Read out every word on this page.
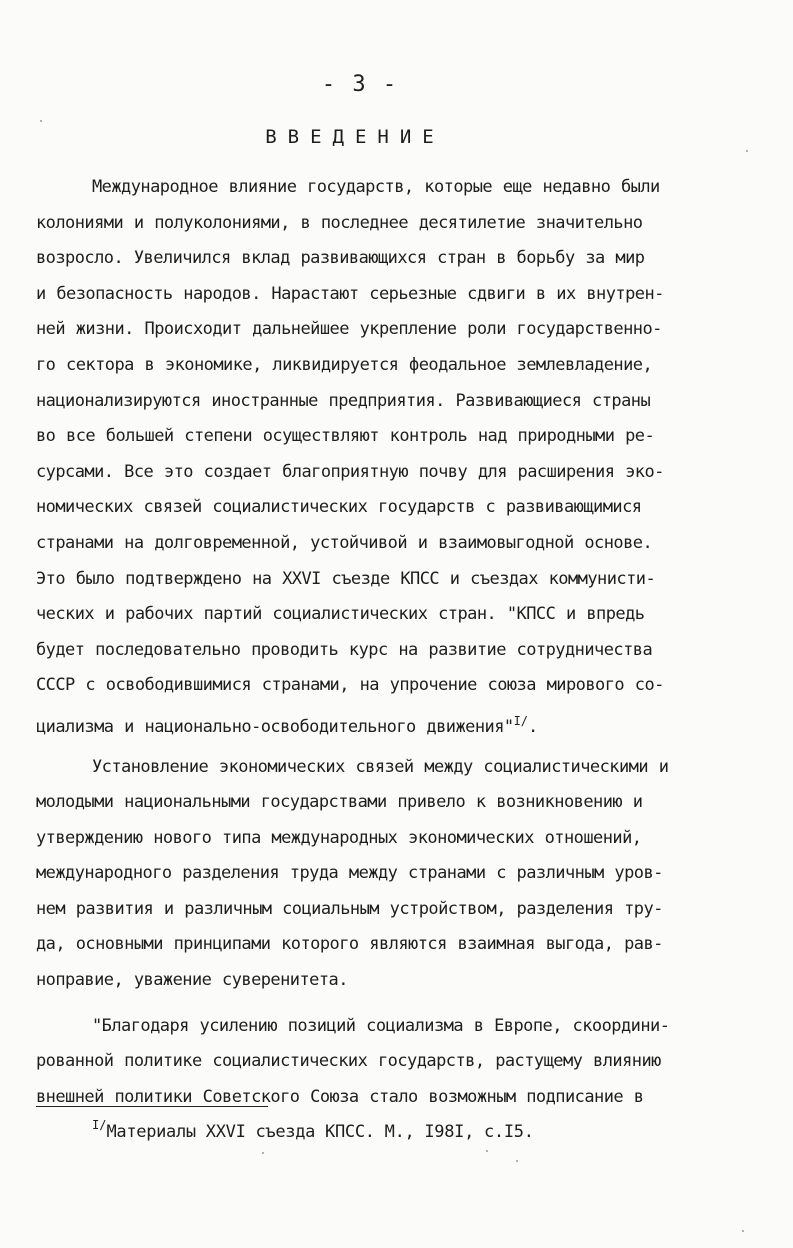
- 3 -
ВВЕДЕНИЕ
Международное влияние государств, которые еще недавно были
колониями и полуколониями, в последнее десятилетие значительно
возросло. Увеличился вклад развивающихся стран в борьбу за мир
и безопасность народов. Нарастают серьезные сдвиги в их внутрен-
ней жизни. Происходит дальнейшее укрепление роли государственно-
го сектора в экономике, ликвидируется феодальное землевладение,
национализируются иностранные предприятия. Развивающиеся страны
во все большей степени осуществляют контроль над природными ре-
сурсами. Все это создает благоприятную почву для расширения эко-
номических связей социалистических государств с развивающимися
странами на долговременной, устойчивой и взаимовыгодной основе.
Это было подтверждено на XXVI съезде КПСС и съездах коммунисти-
ческих и рабочих партий социалистических стран. "КПСС и впредь
будет последовательно проводить курс на развитие сотрудничества
СССР с освободившимися странами, на упрочение союза мирового со-
циализма и национально-освободительного движения"$^{I/}$.
Установление экономических связей между социалистическими и
молодыми национальными государствами привело к возникновению и
утверждению нового типа международных экономических отношений,
международного разделения труда между странами с различным уров-
нем развития и различным социальным устройством, разделения тру-
да, основными принципами которого являются взаимная выгода, рав-
ноправие, уважение суверенитета.
"Благодаря усилению позиций социализма в Европе, скоордини-
рованной политике социалистических государств, растущему влиянию
внешней политики Советского Союза стало возможным подписание в
$^{I/}$Материалы XXVI съезда КПСС. М., I98I, с.I5.
